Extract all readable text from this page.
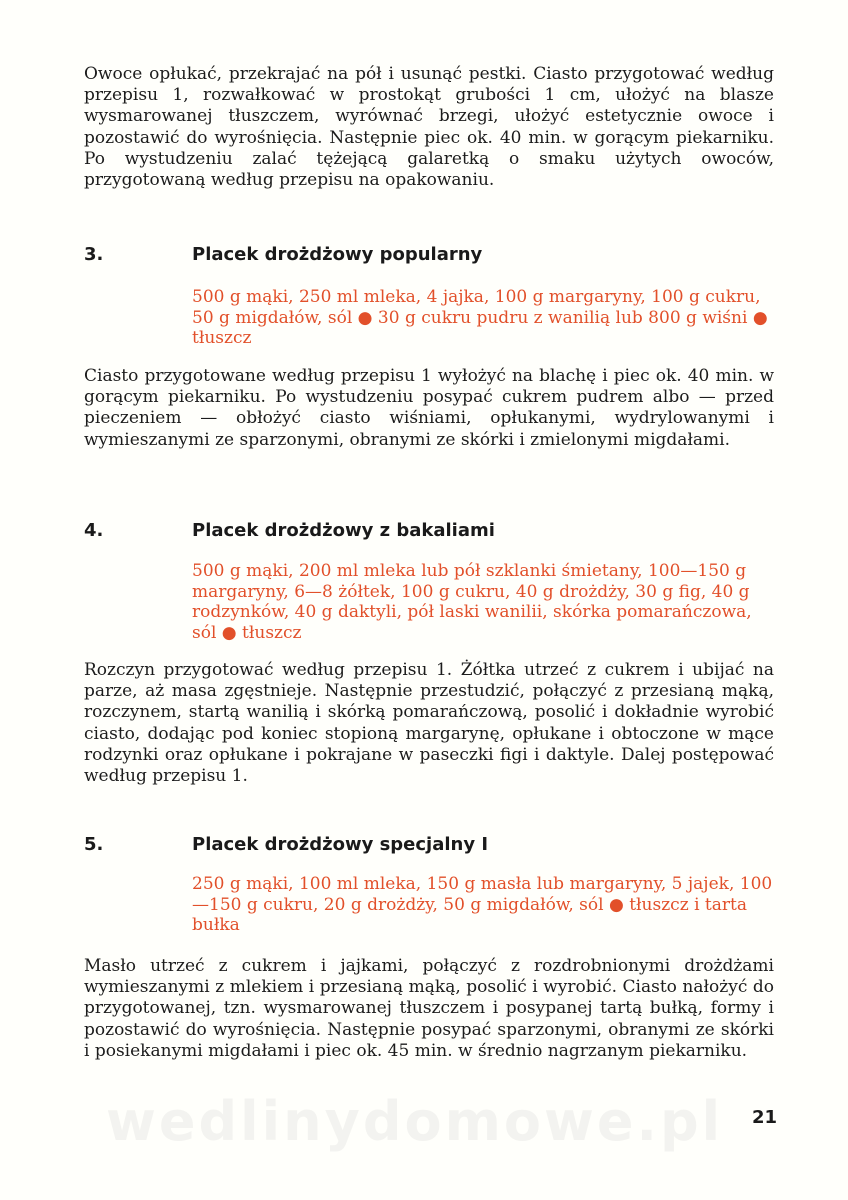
Owoce opłukać, przekrajać na pół i usunąć pestki. Ciasto przygotować według przepisu 1, rozwałkować w prostokąt grubości 1 cm, ułożyć na blasze wysmarowanej tłuszczem, wyrównać brzegi, ułożyć estetycznie owoce i pozostawić do wyrośnięcia. Następnie piec ok. 40 min. w gorącym piekarniku. Po wystudzeniu zalać tężejącą galaretką o smaku użytych owoców, przygotowaną według przepisu na opakowaniu.

3.	Placek drożdżowy popularny

500 g mąki, 250 ml mleka, 4 jajka, 100 g margaryny, 100 g cukru, 50 g migdałów, sól ● 30 g cukru pudru z wanilią lub 800 g wiśni ● tłuszcz

Ciasto przygotowane według przepisu 1 wyłożyć na blachę i piec ok. 40 min. w gorącym piekarniku. Po wystudzeniu posypać cukrem pudrem albo — przed pieczeniem — obłożyć ciasto wiśniami, opłukanymi, wydrylowanymi i wymieszanymi ze sparzonymi, obranymi ze skórki i zmielonymi migdałami.

4.	Placek drożdżowy z bakaliami

500 g mąki, 200 ml mleka lub pół szklanki śmietany, 100—150 g margaryny, 6—8 żółtek, 100 g cukru, 40 g drożdży, 30 g fig, 40 g rodzynków, 40 g daktyli, pół laski wanilii, skórka pomarańczowa, sól ● tłuszcz

Rozczyn przygotować według przepisu 1. Żółtka utrzeć z cukrem i ubijać na parze, aż masa zgęstnieje. Następnie przestudzić, połączyć z przesianą mąką, rozczynem, startą wanilią i skórką pomarańczową, posolić i dokładnie wyrobić ciasto, dodając pod koniec stopioną margarynę, opłukane i obtoczone w mące rodzynki oraz opłukane i pokrajane w paseczki figi i daktyle. Dalej postępować według przepisu 1.

5.	Placek drożdżowy specjalny I

250 g mąki, 100 ml mleka, 150 g masła lub margaryny, 5 jajek, 100—150 g cukru, 20 g drożdży, 50 g migdałów, sól ● tłuszcz i tarta bułka

Masło utrzeć z cukrem i jajkami, połączyć z rozdrobnionymi drożdżami wymieszanymi z mlekiem i przesianą mąką, posolić i wyrobić. Ciasto nałożyć do przygotowanej, tzn. wysmarowanej tłuszczem i posypanej tartą bułką, formy i pozostawić do wyrośnięcia. Następnie posypać sparzonymi, obranymi ze skórki i posiekanymi migdałami i piec ok. 45 min. w średnio nagrzanym piekarniku.

wedlinydomowe.pl 21
